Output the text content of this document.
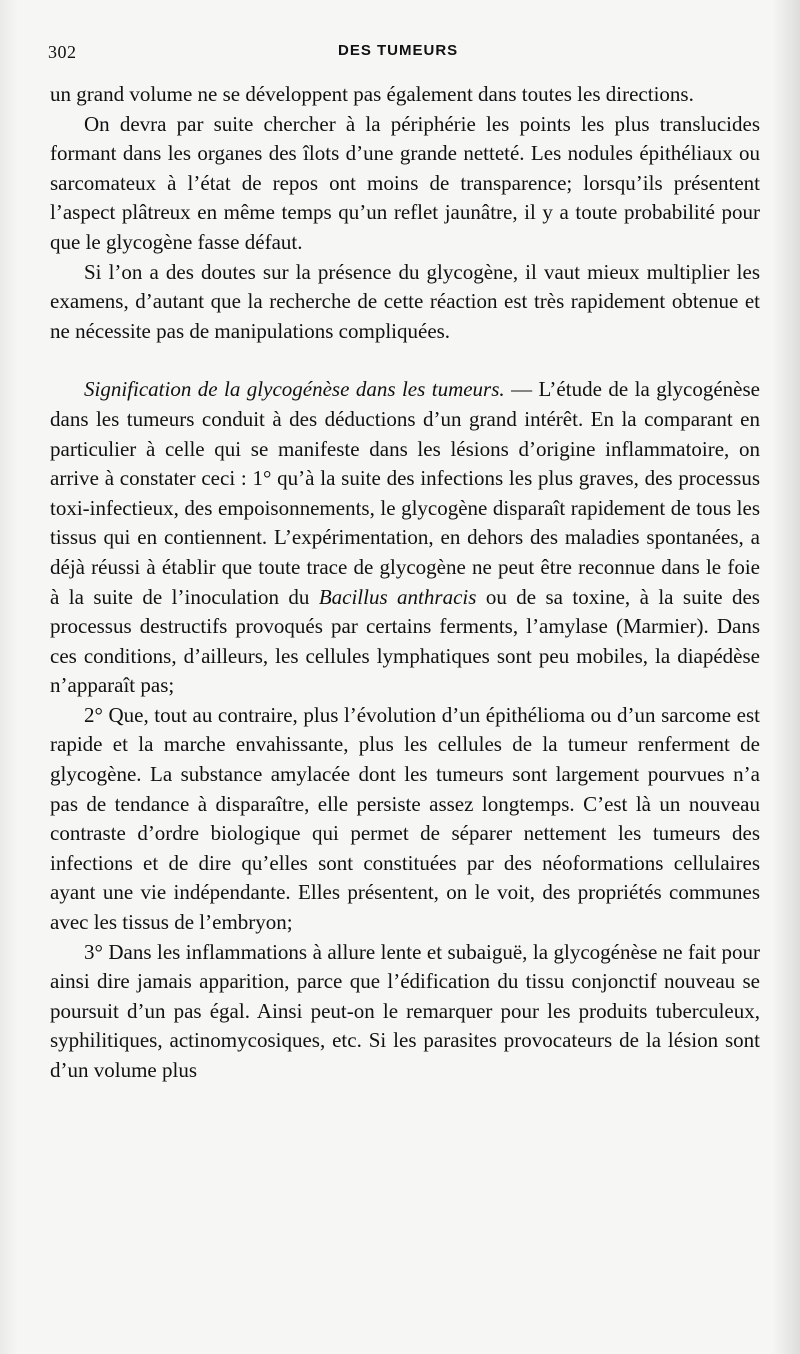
302	DES TUMEURS

un grand volume ne se développent pas également dans toutes les directions.

On devra par suite chercher à la périphérie les points les plus translucides formant dans les organes des îlots d’une grande netteté. Les nodules épithéliaux ou sarcomateux à l’état de repos ont moins de transparence; lorsqu’ils présentent l’aspect plâtreux en même temps qu’un reflet jaunâtre, il y a toute probabilité pour que le glycogène fasse défaut.

Si l’on a des doutes sur la présence du glycogène, il vaut mieux multiplier les examens, d’autant que la recherche de cette réaction est très rapidement obtenue et ne nécessite pas de manipulations compliquées.

Signification de la glycogénèse dans les tumeurs. — L’étude de la glycogénèse dans les tumeurs conduit à des déductions d’un grand intérêt. En la comparant en particulier à celle qui se manifeste dans les lésions d’origine inflammatoire, on arrive à constater ceci : 1° qu’à la suite des infections les plus graves, des processus toxi-infectieux, des empoisonnements, le glycogène disparaît rapidement de tous les tissus qui en contiennent. L’expérimentation, en dehors des maladies spontanées, a déjà réussi à établir que toute trace de glycogène ne peut être reconnue dans le foie à la suite de l’inoculation du Bacillus anthracis ou de sa toxine, à la suite des processus destructifs provoqués par certains ferments, l’amylase (Marmier). Dans ces conditions, d’ailleurs, les cellules lymphatiques sont peu mobiles, la diapédèse n’apparaît pas;

2° Que, tout au contraire, plus l’évolution d’un épithélioma ou d’un sarcome est rapide et la marche envahissante, plus les cellules de la tumeur renferment de glycogène. La substance amylacée dont les tumeurs sont largement pourvues n’a pas de tendance à disparaître, elle persiste assez longtemps. C’est là un nouveau contraste d’ordre biologique qui permet de séparer nettement les tumeurs des infections et de dire qu’elles sont constituées par des néoformations cellulaires ayant une vie indépendante. Elles présentent, on le voit, des propriétés communes avec les tissus de l’embryon;

3° Dans les inflammations à allure lente et subaiguë, la glycogénèse ne fait pour ainsi dire jamais apparition, parce que l’édification du tissu conjonctif nouveau se poursuit d’un pas égal. Ainsi peut-on le remarquer pour les produits tuberculeux, syphilitiques, actinomycosiques, etc. Si les parasites provocateurs de la lésion sont d’un volume plus
